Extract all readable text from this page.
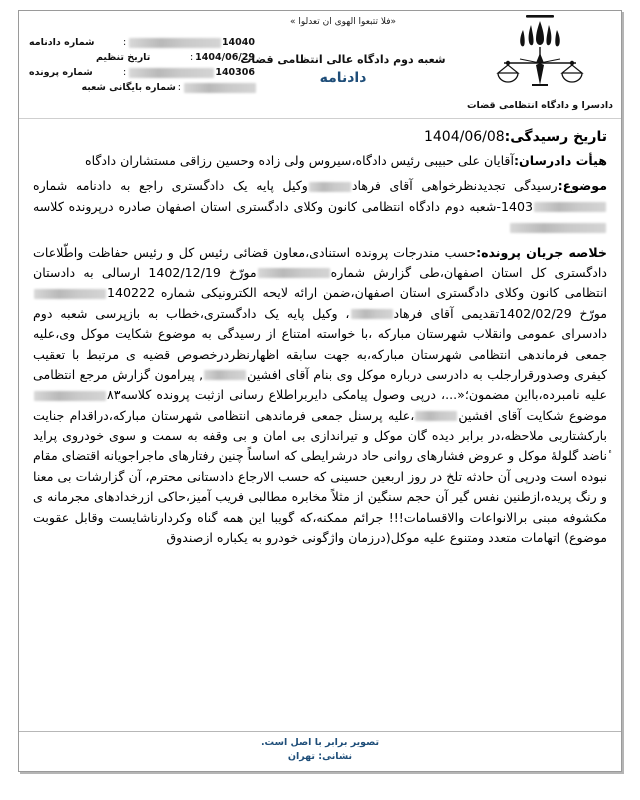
دادسرا و دادگاه انتظامی قضات
«فلا تتبعوا الهوی ان تعدلوا »
شعبه دوم دادگاه عالی انتظامی قضات
دادنامه
14040
:
شماره دادنامه
1404/06/29
:
تاریخ تنظیم
140306
:
شماره پرونده
:
شماره بایگانی شعبه
تاریخ رسیدگی:1404/06/08

هیأت دادرسان:آقایان علی حبیبی رئیس دادگاه،سیروس ولی زاده وحسین رزاقی مستشاران دادگاه

موضوع:رسیدگی تجدیدنظرخواهی آقای فرهادوکیل پایه یک دادگستری راجع به دادنامه شماره1403-شعبه دوم دادگاه انتظامی کانون وکلای دادگستری استان اصفهان صادره درپرونده کلاسه

خلاصه جریان پرونده:حسب مندرجات پرونده استنادی،معاون قضائی رئیس کل و رئیس حفاظت واطّلاعات دادگستری کل استان اصفهان،طی گزارش شمارهمورّخ 1402/12/19 ارسالی به دادستان انتظامی کانون وکلای دادگستری استان اصفهان،ضمن ارائه لایحه الکترونیکی شماره 140222مورّخ 1402/02/29تقدیمی آقای فرهاد، وکیل پایه یک دادگستری،خطاب به بازپرسی شعبه دوم دادسرای عمومی وانقلاب شهرستان مبارکه ،با خواسته امتناع از رسیدگی به موضوع شکایت موکل وی،علیه جمعی فرماندهی انتظامی شهرستان مبارکه،به جهت سابقه اظهارنظردرخصوص قضیه ی مرتبط با تعقیب کیفری وصدورقرارجلب به دادرسی درباره موکل وی بنام آقای افشین, پیرامون گزارش مرجع انتظامی علیه نامبرده،بااین مضمون؛«...، درپی وصول پیامکی دایربراطلاع رسانی ازثبت پرونده کلاسه۸۳موضوع شکایت آقای افشین،علیه پرسنل جمعی فرماندهی انتظامی شهرستان مبارکه،دراقدام جنایت بارکشتاربی ملاحظه،در برابر دیده گان موکل و تیراندازی بی امان و بی وقفه به سمت و سوی خودروی پراید ٔناضد گلولهٔ موکل و عروض فشارهای روانی حاد درشرایطی که اساساً چنین رفتارهای ماجراجویانه اقتضای مقام نبوده است ودرپی آن حادثه تلخ در روز اربعین حسینی که حسب الارجاع دادستانی محترم، آن گزارشات بی معنا و رنگ پریده،ازطنین نفس گیر آن حجم سنگین از مثلاً مخابره مطالبی فریب آمیز،حاکی ازرخدادهای مجرمانه ی مکشوفه مبنی برالانواعات والاقسامات!!! جرائم ممکنه،که گویبا این همه گناه وکردارناشایست وقابل عقوبت موضوع) اتهامات متعدد ومتنوع علیه موکل(درزمان واژگونی خودرو به یکباره ازصندوق

تصویر برابر با اصل است.
نشانی: تهران
